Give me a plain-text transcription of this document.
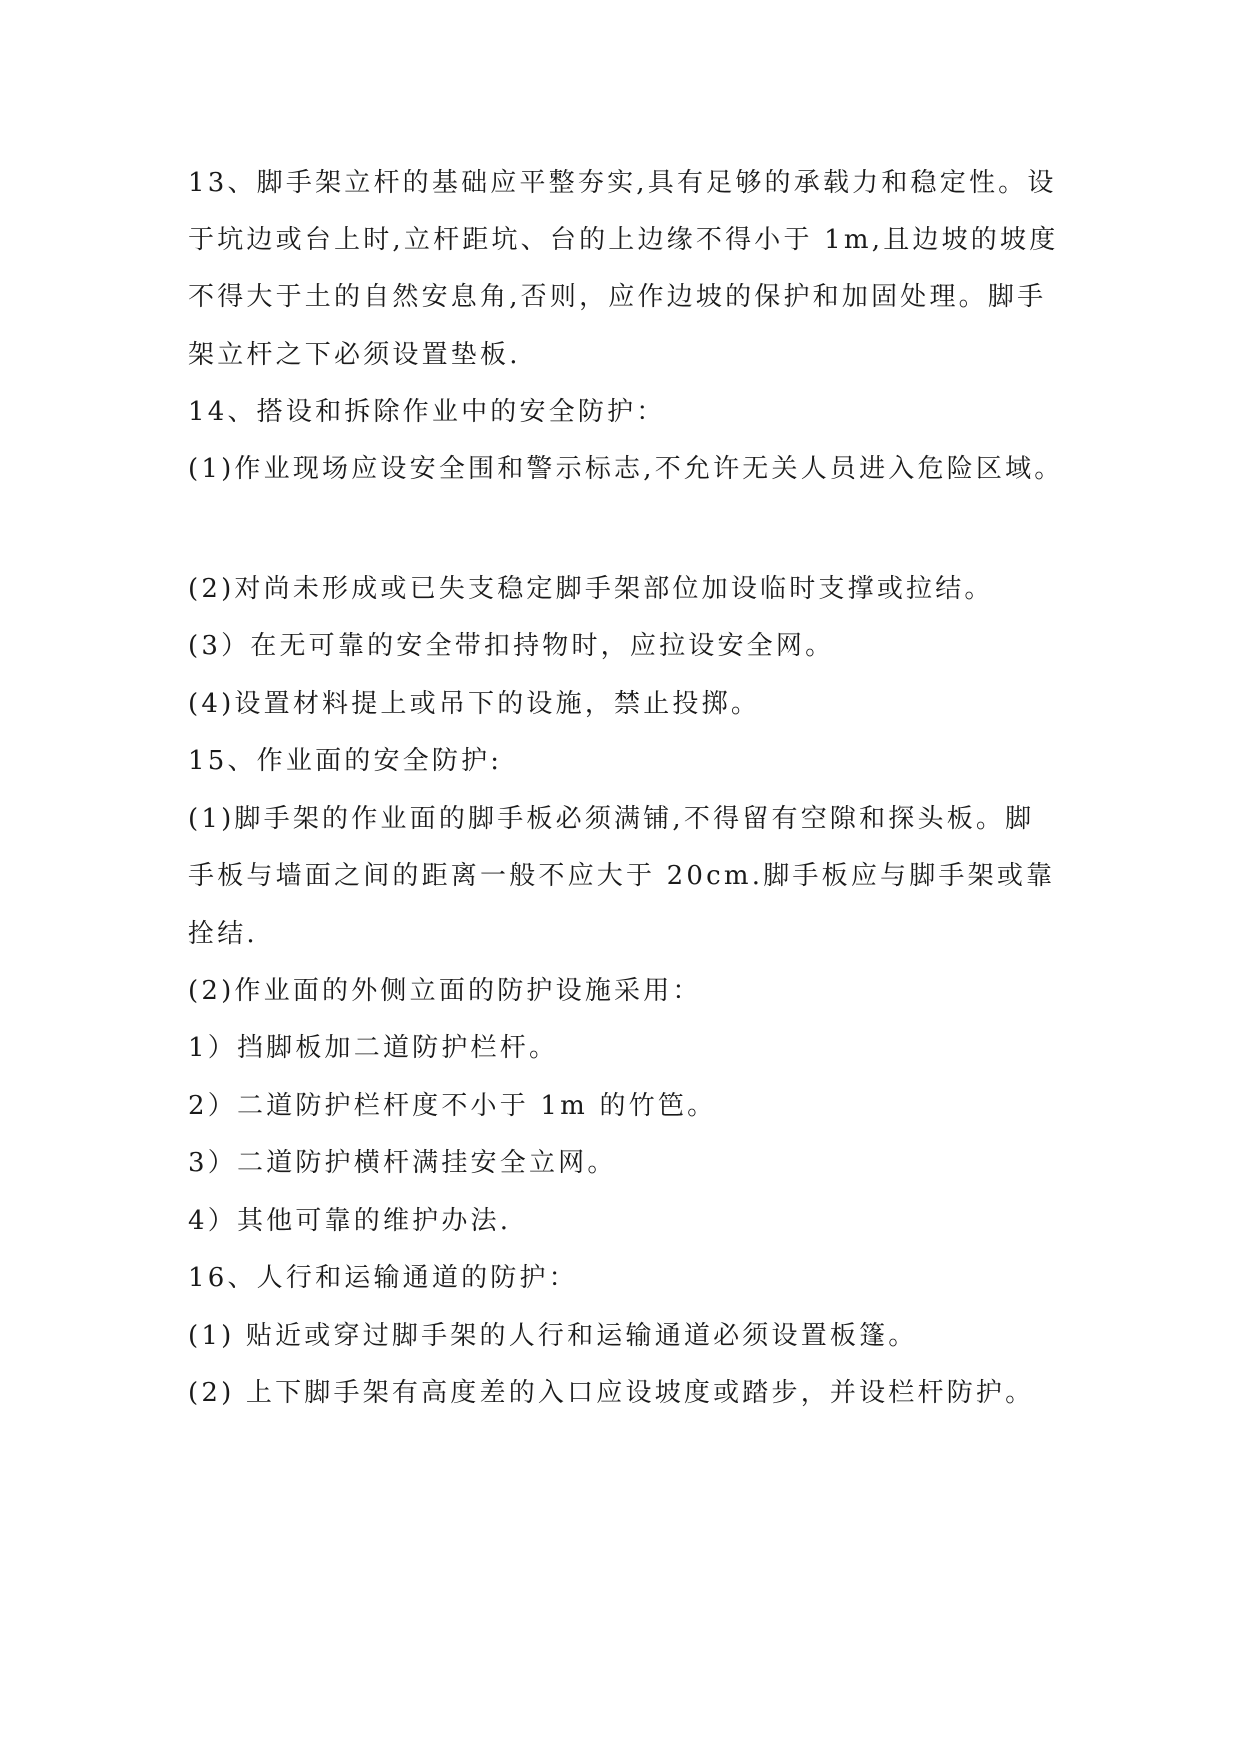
13、脚手架立杆的基础应平整夯实,具有足够的承载力和稳定性。设
于坑边或台上时,立杆距坑、台的上边缘不得小于 1m,且边坡的坡度
不得大于土的自然安息角,否则，应作边坡的保护和加固处理。脚手
架立杆之下必须设置垫板.
14、搭设和拆除作业中的安全防护：
(1)作业现场应设安全围和警示标志,不允许无关人员进入危险区域。
(2)对尚未形成或已失支稳定脚手架部位加设临时支撑或拉结。
(3）在无可靠的安全带扣持物时，应拉设安全网。
(4)设置材料提上或吊下的设施，禁止投掷。
15、作业面的安全防护:
(1)脚手架的作业面的脚手板必须满铺,不得留有空隙和探头板。脚
手板与墙面之间的距离一般不应大于 20cm.脚手板应与脚手架或靠
拴结.
(2)作业面的外侧立面的防护设施采用：
1）挡脚板加二道防护栏杆。
2）二道防护栏杆度不小于 1m 的竹笆。
3）二道防护横杆满挂安全立网。
4）其他可靠的维护办法.
16、人行和运输通道的防护：
(1) 贴近或穿过脚手架的人行和运输通道必须设置板篷。
(2) 上下脚手架有高度差的入口应设坡度或踏步，并设栏杆防护。
